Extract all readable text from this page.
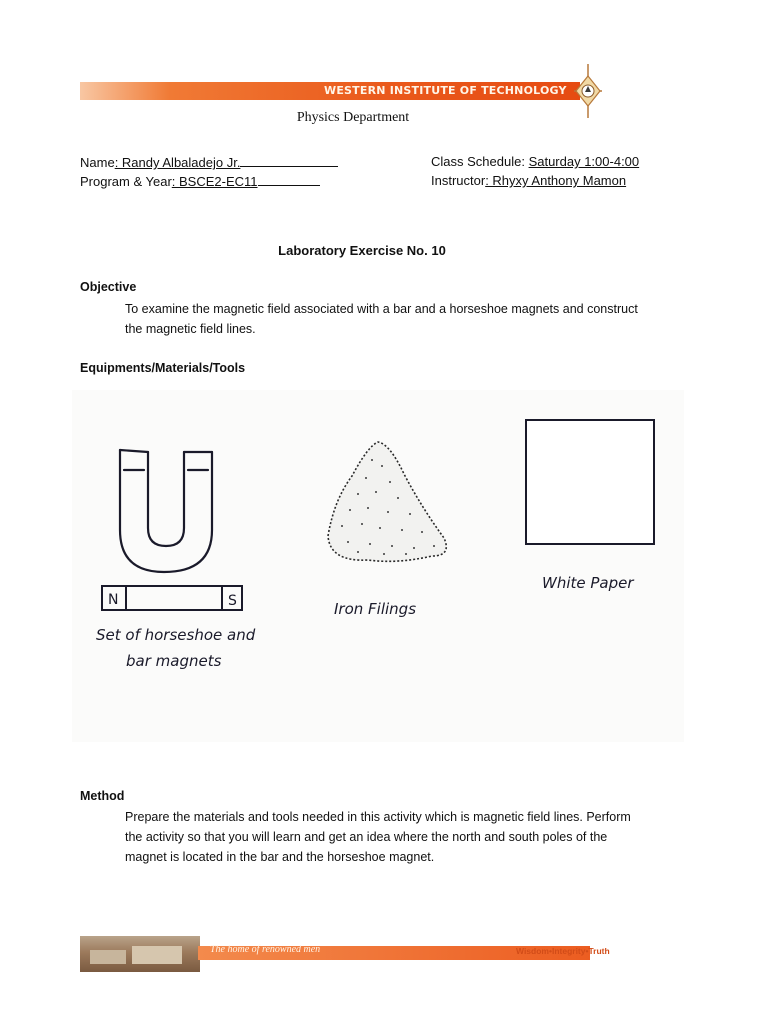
WESTERN INSTITUTE OF TECHNOLOGY
Physics Department
Name: Randy Albaladejo Jr.
Program & Year: BSCE2-EC11
Class Schedule: Saturday 1:00-4:00
Instructor: Rhyxy Anthony Mamon
Laboratory Exercise No. 10
Objective
To examine the magnetic field associated with a bar and a horseshoe magnets and construct
the magnetic field lines.
Equipments/Materials/Tools
N	S
Set of horseshoe and
bar magnets
Iron Filings
White Paper
Method
Prepare the materials and tools needed in this activity which is magnetic field lines. Perform
the activity so that you will learn and get an idea where the north and south poles of the
magnet is located in the bar and the horseshoe magnet.
The home of renowned men	Wisdom•Integrity•Truth
